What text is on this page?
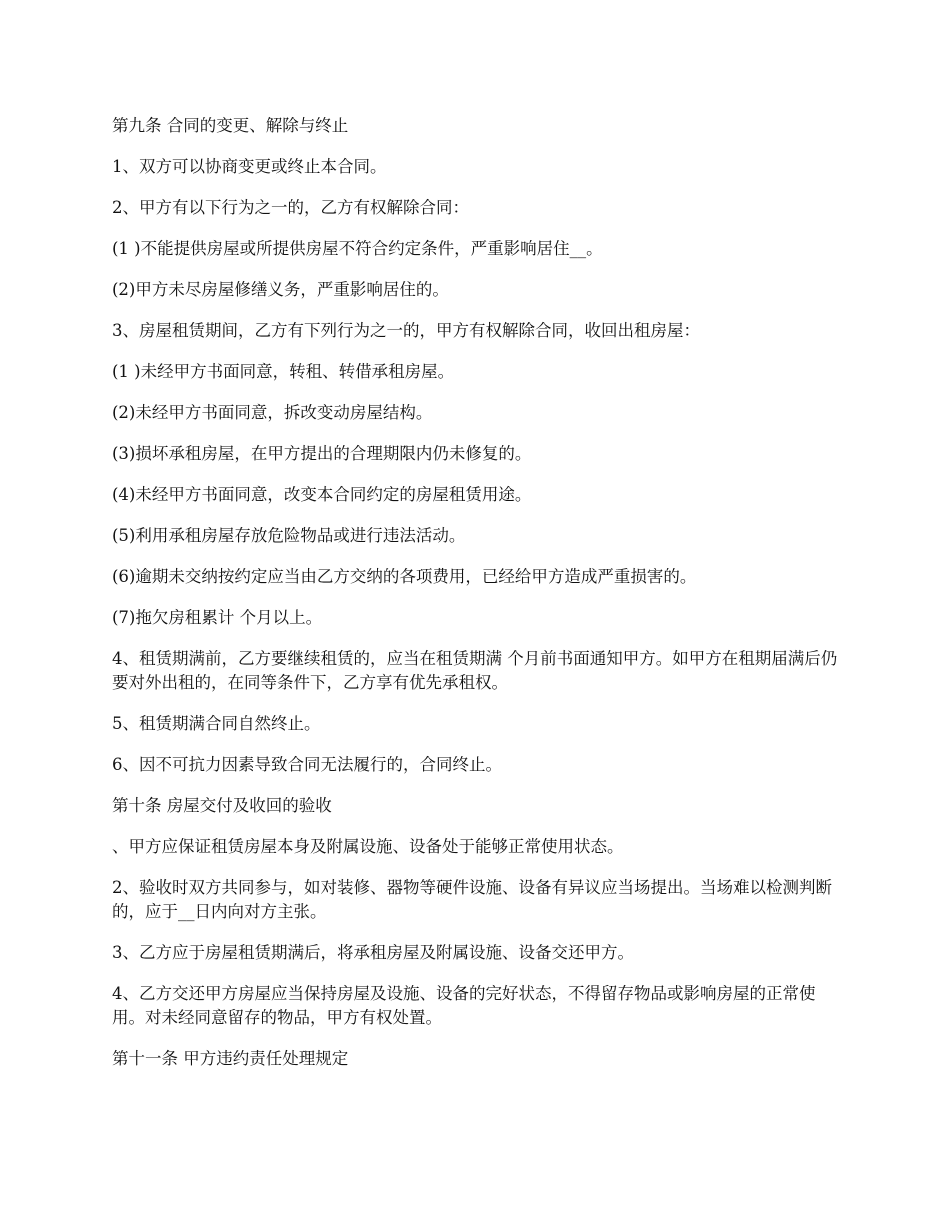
第九条 合同的变更、解除与终止

1、双方可以协商变更或终止本合同。

2、甲方有以下行为之一的，乙方有权解除合同：

(1 )不能提供房屋或所提供房屋不符合约定条件，严重影响居住__。

(2)甲方未尽房屋修缮义务，严重影响居住的。

3、房屋租赁期间，乙方有下列行为之一的，甲方有权解除合同，收回出租房屋：

(1 )未经甲方书面同意，转租、转借承租房屋。

(2)未经甲方书面同意，拆改变动房屋结构。

(3)损坏承租房屋，在甲方提出的合理期限内仍未修复的。

(4)未经甲方书面同意，改变本合同约定的房屋租赁用途。

(5)利用承租房屋存放危险物品或进行违法活动。

(6)逾期未交纳按约定应当由乙方交纳的各项费用，已经给甲方造成严重损害的。

(7)拖欠房租累计 个月以上。

4、租赁期满前，乙方要继续租赁的，应当在租赁期满 个月前书面通知甲方。如甲方在租期届满后仍要对外出租的，在同等条件下，乙方享有优先承租权。

5、租赁期满合同自然终止。

6、因不可抗力因素导致合同无法履行的，合同终止。

第十条 房屋交付及收回的验收

、甲方应保证租赁房屋本身及附属设施、设备处于能够正常使用状态。

2、验收时双方共同参与，如对装修、器物等硬件设施、设备有异议应当场提出。当场难以检测判断的，应于__日内向对方主张。

3、乙方应于房屋租赁期满后，将承租房屋及附属设施、设备交还甲方。

4、乙方交还甲方房屋应当保持房屋及设施、设备的完好状态，不得留存物品或影响房屋的正常使用。对未经同意留存的物品，甲方有权处置。

第十一条 甲方违约责任处理规定
